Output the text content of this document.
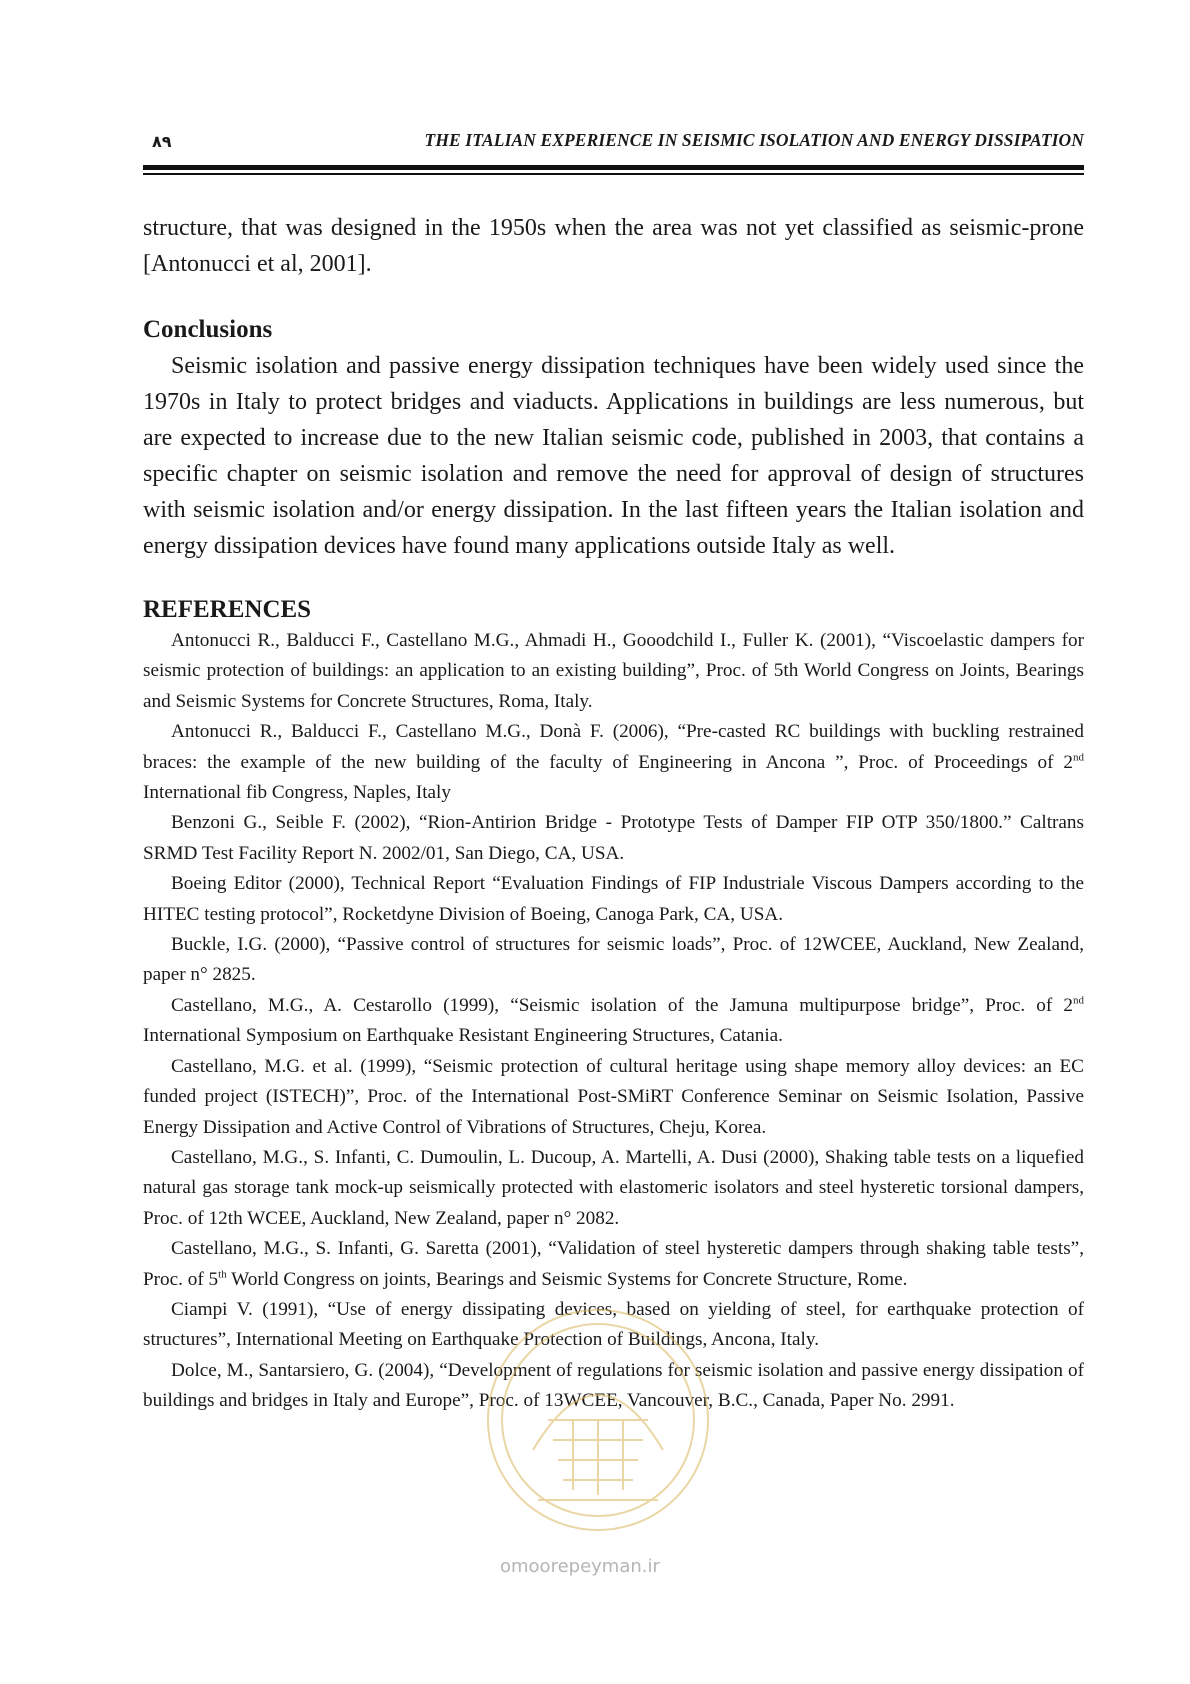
۸۹	THE ITALIAN EXPERIENCE IN SEISMIC ISOLATION AND ENERGY DISSIPATION

structure, that was designed in the 1950s when the area was not yet classified as seismic-prone [Antonucci et al, 2001].

Conclusions

Seismic isolation and passive energy dissipation techniques have been widely used since the 1970s in Italy to protect bridges and viaducts. Applications in buildings are less numerous, but are expected to increase due to the new Italian seismic code, published in 2003, that contains a specific chapter on seismic isolation and remove the need for approval of design of structures with seismic isolation and/or energy dissipation. In the last fifteen years the Italian isolation and energy dissipation devices have found many applications outside Italy as well.

REFERENCES

Antonucci R., Balducci F., Castellano M.G., Ahmadi H., Gooodchild I., Fuller K. (2001), “Viscoelastic dampers for seismic protection of buildings: an application to an existing building”, Proc. of 5th World Congress on Joints, Bearings and Seismic Systems for Concrete Structures, Roma, Italy.

Antonucci R., Balducci F., Castellano M.G., Donà F. (2006), “Pre-casted RC buildings with buckling restrained braces: the example of the new building of the faculty of Engineering in Ancona ”, Proc. of Proceedings of 2nd International fib Congress, Naples, Italy

Benzoni G., Seible F. (2002), “Rion-Antirion Bridge - Prototype Tests of Damper FIP OTP 350/1800.” Caltrans SRMD Test Facility Report N. 2002/01, San Diego, CA, USA.

Boeing Editor (2000), Technical Report “Evaluation Findings of FIP Industriale Viscous Dampers according to the HITEC testing protocol”, Rocketdyne Division of Boeing, Canoga Park, CA, USA.

Buckle, I.G. (2000), “Passive control of structures for seismic loads”, Proc. of 12WCEE, Auckland, New Zealand, paper n° 2825.

Castellano, M.G., A. Cestarollo (1999), “Seismic isolation of the Jamuna multipurpose bridge”, Proc. of 2nd International Symposium on Earthquake Resistant Engineering Structures, Catania.

Castellano, M.G. et al. (1999), “Seismic protection of cultural heritage using shape memory alloy devices: an EC funded project (ISTECH)”, Proc. of the International Post-SMiRT Conference Seminar on Seismic Isolation, Passive Energy Dissipation and Active Control of Vibrations of Structures, Cheju, Korea.

Castellano, M.G., S. Infanti, C. Dumoulin, L. Ducoup, A. Martelli, A. Dusi (2000), Shaking table tests on a liquefied natural gas storage tank mock-up seismically protected with elastomeric isolators and steel hysteretic torsional dampers, Proc. of 12th WCEE, Auckland, New Zealand, paper n° 2082.

Castellano, M.G., S. Infanti, G. Saretta (2001), “Validation of steel hysteretic dampers through shaking table tests”, Proc. of 5th World Congress on joints, Bearings and Seismic Systems for Concrete Structure, Rome.

Ciampi V. (1991), “Use of energy dissipating devices, based on yielding of steel, for earthquake protection of structures”, International Meeting on Earthquake Protection of Buildings, Ancona, Italy.

Dolce, M., Santarsiero, G. (2004), “Development of regulations for seismic isolation and passive energy dissipation of buildings and bridges in Italy and Europe”, Proc. of 13WCEE, Vancouver, B.C., Canada, Paper No. 2991.

omoorepeyman.ir
